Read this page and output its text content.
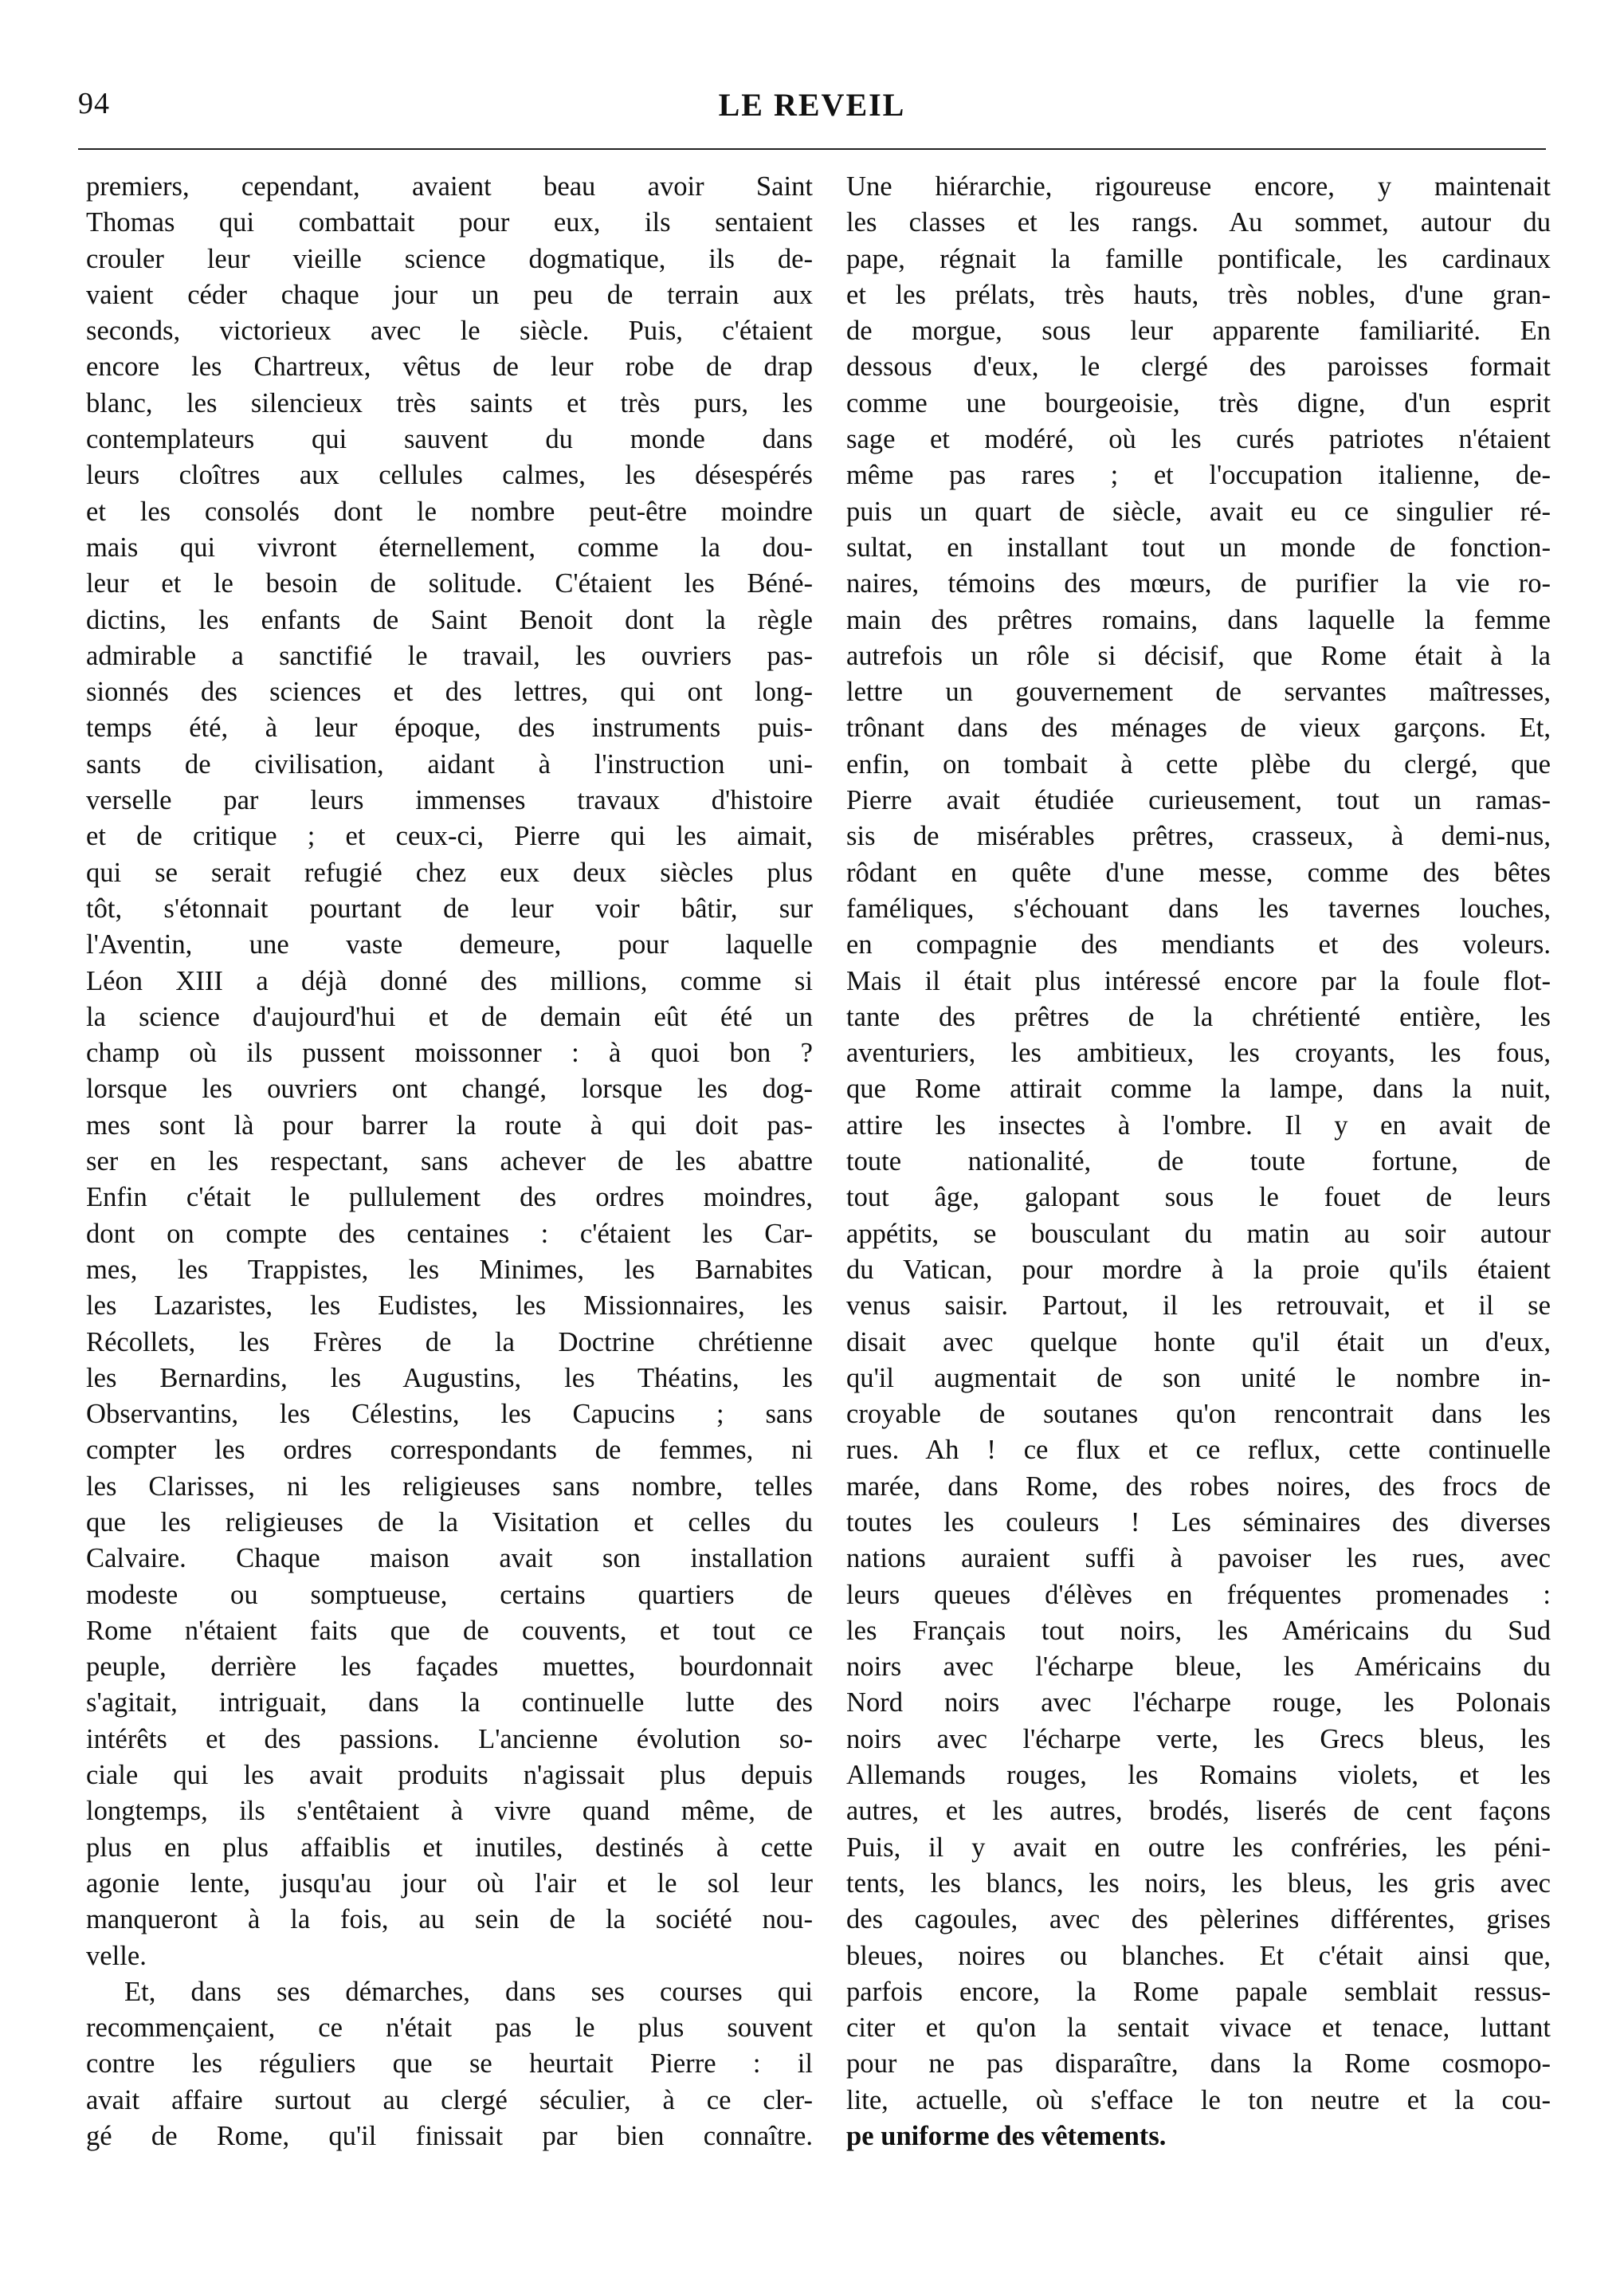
94	LE REVEIL
premiers, cependant, avaient beau avoir Saint
Thomas qui combattait pour eux, ils sentaient
crouler leur vieille science dogmatique, ils de-
vaient céder chaque jour un peu de terrain aux
seconds, victorieux avec le siècle. Puis, c'étaient
encore les Chartreux, vêtus de leur robe de drap
blanc, les silencieux très saints et très purs, les
contemplateurs qui sauvent du monde dans
leurs cloîtres aux cellules calmes, les désespérés
et les consolés dont le nombre peut-être moindre
mais qui vivront éternellement, comme la dou-
leur et le besoin de solitude. C'étaient les Béné-
dictins, les enfants de Saint Benoit dont la règle
admirable a sanctifié le travail, les ouvriers pas-
sionnés des sciences et des lettres, qui ont long-
temps été, à leur époque, des instruments puis-
sants de civilisation, aidant à l'instruction uni-
verselle par leurs immenses travaux d'histoire
et de critique ; et ceux-ci, Pierre qui les aimait,
qui se serait refugié chez eux deux siècles plus
tôt, s'étonnait pourtant de leur voir bâtir, sur
l'Aventin, une vaste demeure, pour laquelle
Léon XIII a déjà donné des millions, comme si
la science d'aujourd'hui et de demain eût été un
champ où ils pussent moissonner : à quoi bon ?
lorsque les ouvriers ont changé, lorsque les dog-
mes sont là pour barrer la route à qui doit pas-
ser en les respectant, sans achever de les abattre
Enfin c'était le pullulement des ordres moindres,
dont on compte des centaines : c'étaient les Car-
mes, les Trappistes, les Minimes, les Barnabites
les Lazaristes, les Eudistes, les Missionnaires, les
Récollets, les Frères de la Doctrine chrétienne
les Bernardins, les Augustins, les Théatins, les
Observantins, les Célestins, les Capucins ; sans
compter les ordres correspondants de femmes, ni
les Clarisses, ni les religieuses sans nombre, telles
que les religieuses de la Visitation et celles du
Calvaire. Chaque maison avait son installation
modeste ou somptueuse, certains quartiers de
Rome n'étaient faits que de couvents, et tout ce
peuple, derrière les façades muettes, bourdonnait
s'agitait, intriguait, dans la continuelle lutte des
intérêts et des passions. L'ancienne évolution so-
ciale qui les avait produits n'agissait plus depuis
longtemps, ils s'entêtaient à vivre quand même, de
plus en plus affaiblis et inutiles, destinés à cette
agonie lente, jusqu'au jour où l'air et le sol leur
manqueront à la fois, au sein de la société nou-
velle.
Et, dans ses démarches, dans ses courses qui
recommençaient, ce n'était pas le plus souvent
contre les réguliers que se heurtait Pierre : il
avait affaire surtout au clergé séculier, à ce cler-
gé de Rome, qu'il finissait par bien connaître.
Une hiérarchie, rigoureuse encore, y maintenait
les classes et les rangs. Au sommet, autour du
pape, régnait la famille pontificale, les cardinaux
et les prélats, très hauts, très nobles, d'une gran-
de morgue, sous leur apparente familiarité. En
dessous d'eux, le clergé des paroisses formait
comme une bourgeoisie, très digne, d'un esprit
sage et modéré, où les curés patriotes n'étaient
même pas rares ; et l'occupation italienne, de-
puis un quart de siècle, avait eu ce singulier ré-
sultat, en installant tout un monde de fonction-
naires, témoins des mœurs, de purifier la vie ro-
main des prêtres romains, dans laquelle la femme
autrefois un rôle si décisif, que Rome était à la
lettre un gouvernement de servantes maîtresses,
trônant dans des ménages de vieux garçons. Et,
enfin, on tombait à cette plèbe du clergé, que
Pierre avait étudiée curieusement, tout un ramas-
sis de misérables prêtres, crasseux, à demi-nus,
rôdant en quête d'une messe, comme des bêtes
faméliques, s'échouant dans les tavernes louches,
en compagnie des mendiants et des voleurs.
Mais il était plus intéressé encore par la foule flot-
tante des prêtres de la chrétienté entière, les
aventuriers, les ambitieux, les croyants, les fous,
que Rome attirait comme la lampe, dans la nuit,
attire les insectes à l'ombre. Il y en avait de
toute nationalité, de toute fortune, de
tout âge, galopant sous le fouet de leurs
appétits, se bousculant du matin au soir autour
du Vatican, pour mordre à la proie qu'ils étaient
venus saisir. Partout, il les retrouvait, et il se
disait avec quelque honte qu'il était un d'eux,
qu'il augmentait de son unité le nombre in-
croyable de soutanes qu'on rencontrait dans les
rues. Ah ! ce flux et ce reflux, cette continuelle
marée, dans Rome, des robes noires, des frocs de
toutes les couleurs ! Les séminaires des diverses
nations auraient suffi à pavoiser les rues, avec
leurs queues d'élèves en fréquentes promenades :
les Français tout noirs, les Américains du Sud
noirs avec l'écharpe bleue, les Américains du
Nord noirs avec l'écharpe rouge, les Polonais
noirs avec l'écharpe verte, les Grecs bleus, les
Allemands rouges, les Romains violets, et les
autres, et les autres, brodés, liserés de cent façons
Puis, il y avait en outre les confréries, les péni-
tents, les blancs, les noirs, les bleus, les gris avec
des cagoules, avec des pèlerines différentes, grises
bleues, noires ou blanches. Et c'était ainsi que,
parfois encore, la Rome papale semblait ressus-
citer et qu'on la sentait vivace et tenace, luttant
pour ne pas disparaître, dans la Rome cosmopo-
lite, actuelle, où s'efface le ton neutre et la cou-
pe uniforme des vêtements.
